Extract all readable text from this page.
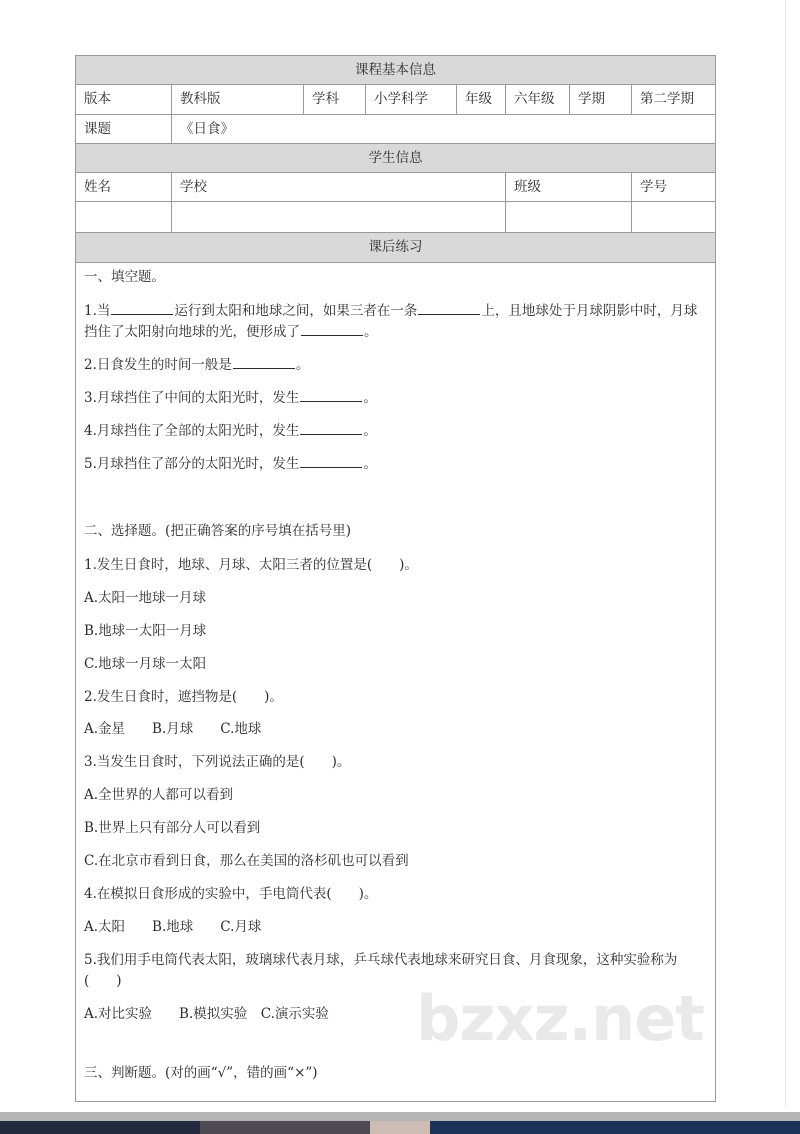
bzxz.net
课程基本信息							
版本	教科版	学科	小学科学	年级	六年级	学期	第二学期
课题	《日食》						
学生信息							
姓名	学校				班级		学号

课后练习							

一、填空题。

1.当	运行到太阳和地球之间，如果三者在一条	上，且地球处于月球阴影中时，月球挡住了太阳射向地球的光，便形成了	。

2.日食发生的时间一般是	。

3.月球挡住了中间的太阳光时，发生	。

4.月球挡住了全部的太阳光时，发生	。

5.月球挡住了部分的太阳光时，发生	。

二、选择题。(把正确答案的序号填在括号里)

1.发生日食时，地球、月球、太阳三者的位置是(　　)。

A.太阳一地球一月球

B.地球一太阳一月球

C.地球一月球一太阳

2.发生日食时，遮挡物是(　　)。

A.金星　　B.月球　　C.地球

3.当发生日食时，下列说法正确的是(　　)。

A.全世界的人都可以看到

B.世界上只有部分人可以看到

C.在北京市看到日食，那么在美国的洛杉矶也可以看到

4.在模拟日食形成的实验中，手电筒代表(　　)。

A.太阳　　B.地球　　C.月球

5.我们用手电筒代表太阳，玻璃球代表月球，乒乓球代表地球来研究日食、月食现象，这种实验称为(　　)

A.对比实验　　B.模拟实验　C.演示实验

三、判断题。(对的画“√”，错的画“×”)
